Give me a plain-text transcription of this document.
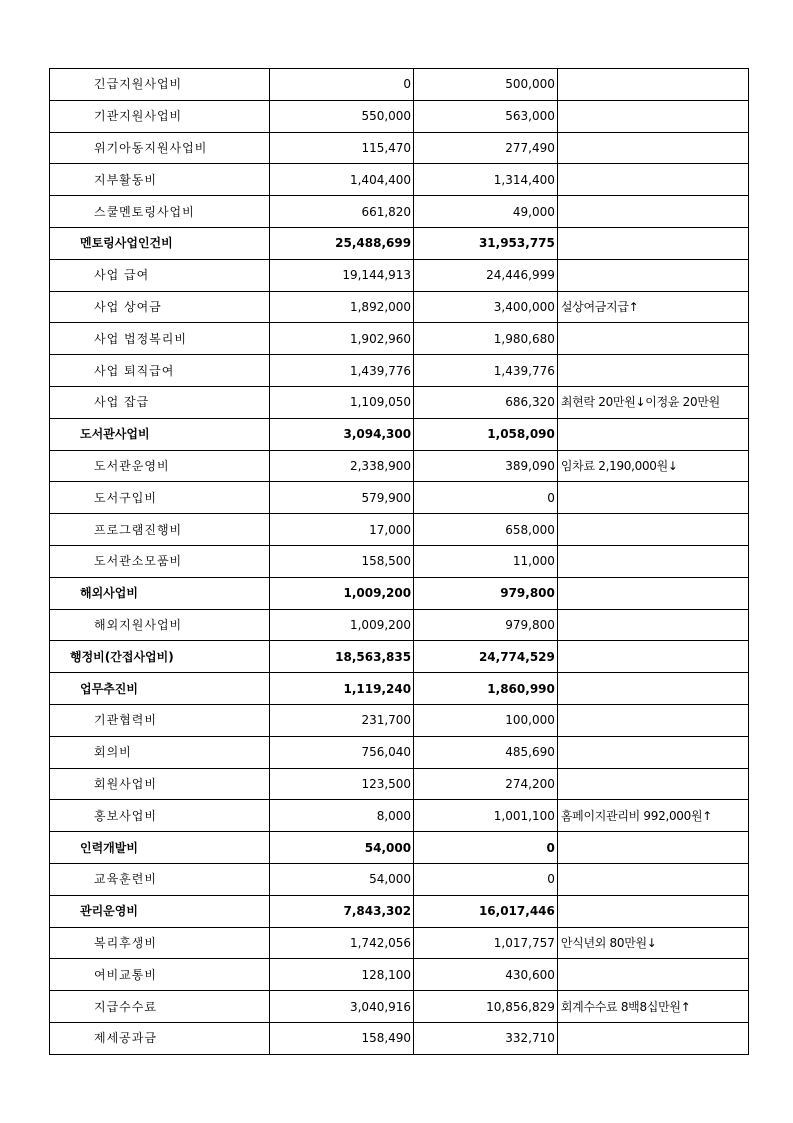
긴급지원사업비	0	500,000	
기관지원사업비	550,000	563,000	
위기아동지원사업비	115,470	277,490	
지부활동비	1,404,400	1,314,400	
스쿨멘토링사업비	661,820	49,000	
멘토링사업인건비	25,488,699	31,953,775	
사업 급여	19,144,913	24,446,999	
사업 상여금	1,892,000	3,400,000	설상여금지급↑
사업 법정복리비	1,902,960	1,980,680	
사업 퇴직급여	1,439,776	1,439,776	
사업 잡급	1,109,050	686,320	최현락 20만원↓이정윤 20만원
도서관사업비	3,094,300	1,058,090	
도서관운영비	2,338,900	389,090	임차료 2,190,000원↓
도서구입비	579,900	0	
프로그램진행비	17,000	658,000	
도서관소모품비	158,500	11,000	
해외사업비	1,009,200	979,800	
해외지원사업비	1,009,200	979,800	
행정비(간접사업비)	18,563,835	24,774,529	
업무추진비	1,119,240	1,860,990	
기관협력비	231,700	100,000	
회의비	756,040	485,690	
회원사업비	123,500	274,200	
홍보사업비	8,000	1,001,100	홈페이지관리비 992,000원↑
인력개발비	54,000	0	
교육훈련비	54,000	0	
관리운영비	7,843,302	16,017,446	
복리후생비	1,742,056	1,017,757	안식년외 80만원↓
여비교통비	128,100	430,600	
지급수수료	3,040,916	10,856,829	회계수수료 8백8십만원↑
제세공과금	158,490	332,710	
